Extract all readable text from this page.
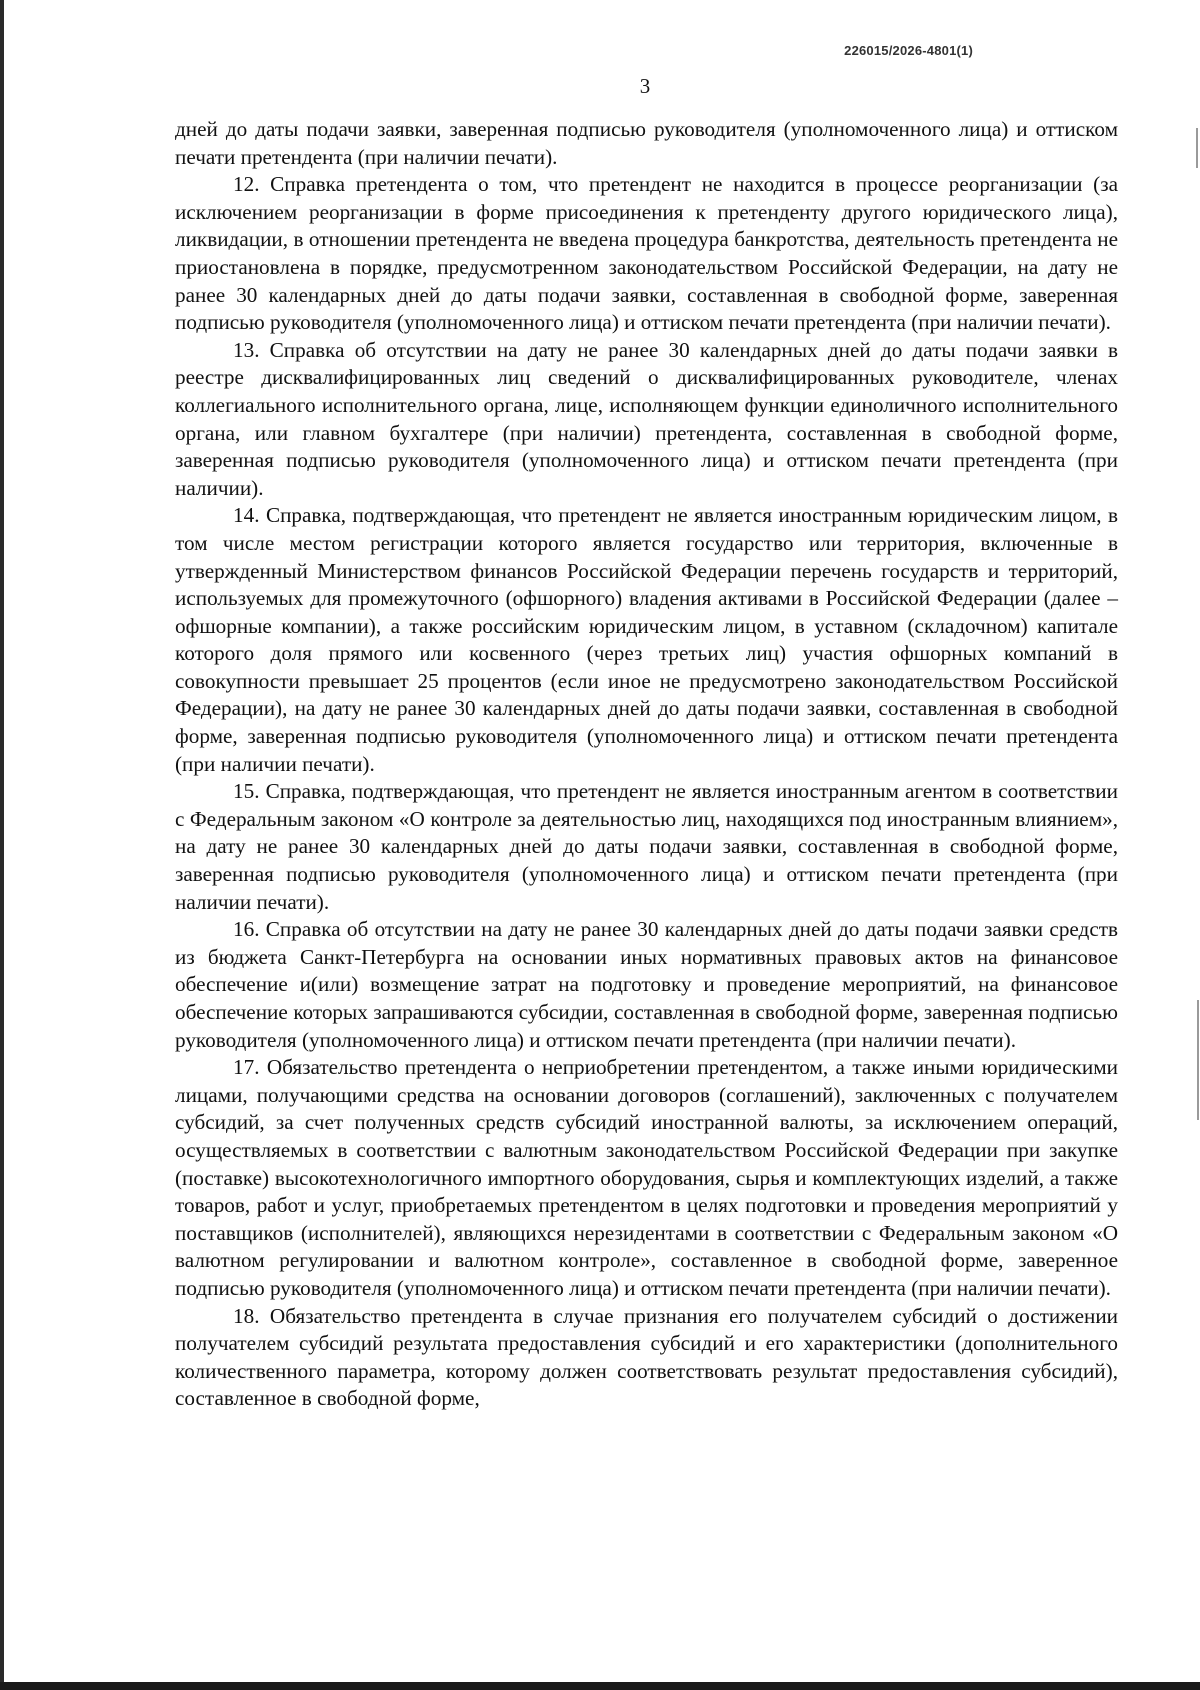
226015/2026-4801(1)
3

дней до даты подачи заявки, заверенная подписью руководителя (уполномоченного лица) и оттиском печати претендента (при наличии печати).

12. Справка претендента о том, что претендент не находится в процессе реорганизации (за исключением реорганизации в форме присоединения к претенденту другого юридического лица), ликвидации, в отношении претендента не введена процедура банкротства, деятельность претендента не приостановлена в порядке, предусмотренном законодательством Российской Федерации, на дату не ранее 30 календарных дней до даты подачи заявки, составленная в свободной форме, заверенная подписью руководителя (уполномоченного лица) и оттиском печати претендента (при наличии печати).

13. Справка об отсутствии на дату не ранее 30 календарных дней до даты подачи заявки в реестре дисквалифицированных лиц сведений о дисквалифицированных руководителе, членах коллегиального исполнительного органа, лице, исполняющем функции единоличного исполнительного органа, или главном бухгалтере (при наличии) претендента, составленная в свободной форме, заверенная подписью руководителя (уполномоченного лица) и оттиском печати претендента (при наличии).

14. Справка, подтверждающая, что претендент не является иностранным юридическим лицом, в том числе местом регистрации которого является государство или территория, включенные в утвержденный Министерством финансов Российской Федерации перечень государств и территорий, используемых для промежуточного (офшорного) владения активами в Российской Федерации (далее – офшорные компании), а также российским юридическим лицом, в уставном (складочном) капитале которого доля прямого или косвенного (через третьих лиц) участия офшорных компаний в совокупности превышает 25 процентов (если иное не предусмотрено законодательством Российской Федерации), на дату не ранее 30 календарных дней до даты подачи заявки, составленная в свободной форме, заверенная подписью руководителя (уполномоченного лица) и оттиском печати претендента (при наличии печати).

15. Справка, подтверждающая, что претендент не является иностранным агентом в соответствии с Федеральным законом «О контроле за деятельностью лиц, находящихся под иностранным влиянием», на дату не ранее 30 календарных дней до даты подачи заявки, составленная в свободной форме, заверенная подписью руководителя (уполномоченного лица) и оттиском печати претендента (при наличии печати).

16. Справка об отсутствии на дату не ранее 30 календарных дней до даты подачи заявки средств из бюджета Санкт-Петербурга на основании иных нормативных правовых актов на финансовое обеспечение и(или) возмещение затрат на подготовку и проведение мероприятий, на финансовое обеспечение которых запрашиваются субсидии, составленная в свободной форме, заверенная подписью руководителя (уполномоченного лица) и оттиском печати претендента (при наличии печати).

17. Обязательство претендента о неприобретении претендентом, а также иными юридическими лицами, получающими средства на основании договоров (соглашений), заключенных с получателем субсидий, за счет полученных средств субсидий иностранной валюты, за исключением операций, осуществляемых в соответствии с валютным законодательством Российской Федерации при закупке (поставке) высокотехнологичного импортного оборудования, сырья и комплектующих изделий, а также товаров, работ и услуг, приобретаемых претендентом в целях подготовки и проведения мероприятий у поставщиков (исполнителей), являющихся нерезидентами в соответствии с Федеральным законом «О валютном регулировании и валютном контроле», составленное в свободной форме, заверенное подписью руководителя (уполномоченного лица) и оттиском печати претендента (при наличии печати).

18. Обязательство претендента в случае признания его получателем субсидий о достижении получателем субсидий результата предоставления субсидий и его характеристики (дополнительного количественного параметра, которому должен соответствовать результат предоставления субсидий), составленное в свободной форме,
